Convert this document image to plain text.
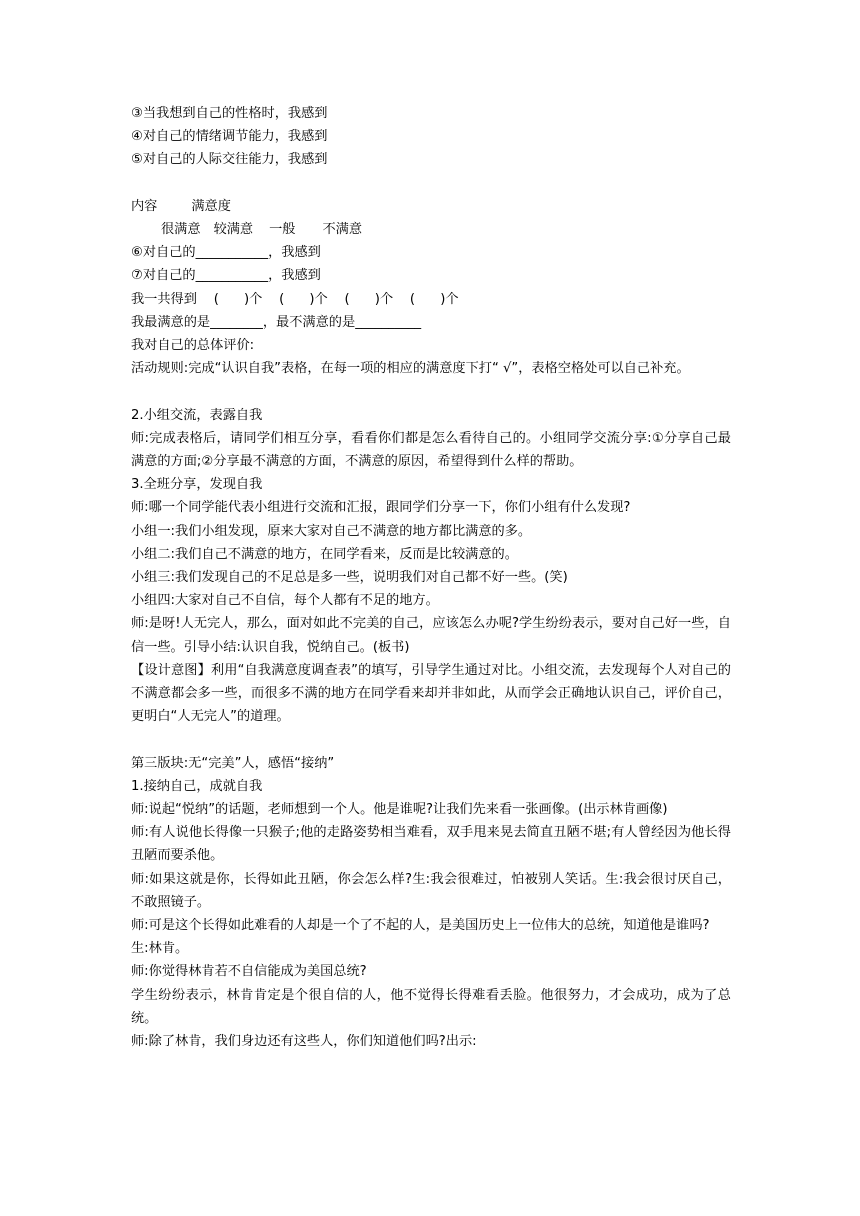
③当我想到自己的性格时，我感到

④对自己的情绪调节能力，我感到

⑤对自己的人际交往能力，我感到

内容	满意度

很满意 较满意 一般 不满意

⑥对自己的___________，我感到

⑦对自己的___________，我感到

我一共得到    (      )个    (      )个    (      )个    (      )个

我最满意的是________，最不满意的是__________

我对自己的总体评价:

活动规则:完成“认识自我”表格，在每一项的相应的满意度下打“ √”，表格空格处可以自己补充。

2.小组交流，表露自我

师:完成表格后，请同学们相互分享，看看你们都是怎么看待自己的。小组同学交流分享:①分享自己最满意的方面;②分享最不满意的方面，不满意的原因，希望得到什么样的帮助。

3.全班分享，发现自我

师:哪一个同学能代表小组进行交流和汇报，跟同学们分享一下，你们小组有什么发现?

小组一:我们小组发现，原来大家对自己不满意的地方都比满意的多。

小组二:我们自己不满意的地方，在同学看来，反而是比较满意的。

小组三:我们发现自己的不足总是多一些，说明我们对自己都不好一些。(笑)

小组四:大家对自己不自信，每个人都有不足的地方。

师:是呀!人无完人，那么，面对如此不完美的自己，应该怎么办呢?学生纷纷表示，要对自己好一些，自信一些。引导小结:认识自我，悦纳自己。(板书)

【设计意图】利用“自我满意度调查表”的填写，引导学生通过对比。小组交流，去发现每个人对自己的不满意都会多一些，而很多不满的地方在同学看来却并非如此，从而学会正确地认识自己，评价自己，更明白“人无完人”的道理。

第三版块:无“完美”人，感悟“接纳”

1.接纳自己，成就自我

师:说起“悦纳”的话题，老师想到一个人。他是谁呢?让我们先来看一张画像。(出示林肯画像)

师:有人说他长得像一只猴子;他的走路姿势相当难看，双手甩来晃去简直丑陋不堪;有人曾经因为他长得丑陋而要杀他。

师:如果这就是你，长得如此丑陋，你会怎么样?生:我会很难过，怕被别人笑话。生:我会很讨厌自己，不敢照镜子。

师:可是这个长得如此难看的人却是一个了不起的人，是美国历史上一位伟大的总统，知道他是谁吗?

生:林肯。

师:你觉得林肯若不自信能成为美国总统?

学生纷纷表示，林肯肯定是个很自信的人，他不觉得长得难看丢脸。他很努力，才会成功，成为了总统。

师:除了林肯，我们身边还有这些人，你们知道他们吗?出示:
